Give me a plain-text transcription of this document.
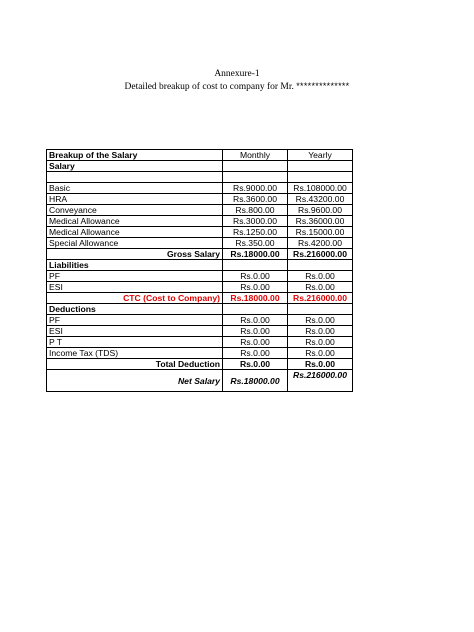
Annexure-1
Detailed breakup of cost to company for Mr. **************
Breakup of the Salary	Monthly	Yearly
Salary		

Basic	Rs.9000.00	Rs.108000.00
HRA	Rs.3600.00	Rs.43200.00
Conveyance	Rs.800.00	Rs.9600.00
Medical Allowance	Rs.3000.00	Rs.36000.00
Medical Allowance	Rs.1250.00	Rs.15000.00
Special Allowance	Rs.350.00	Rs.4200.00
Gross Salary	Rs.18000.00	Rs.216000.00
Liabilities		
PF	Rs.0.00	Rs.0.00
ESI	Rs.0.00	Rs.0.00
CTC (Cost to Company)	Rs.18000.00	Rs.216000.00
Deductions		
PF	Rs.0.00	Rs.0.00
ESI	Rs.0.00	Rs.0.00
P T	Rs.0.00	Rs.0.00
Income Tax (TDS)	Rs.0.00	Rs.0.00
Total Deduction	Rs.0.00	Rs.0.00
Net Salary	Rs.18000.00	Rs.216000.00
